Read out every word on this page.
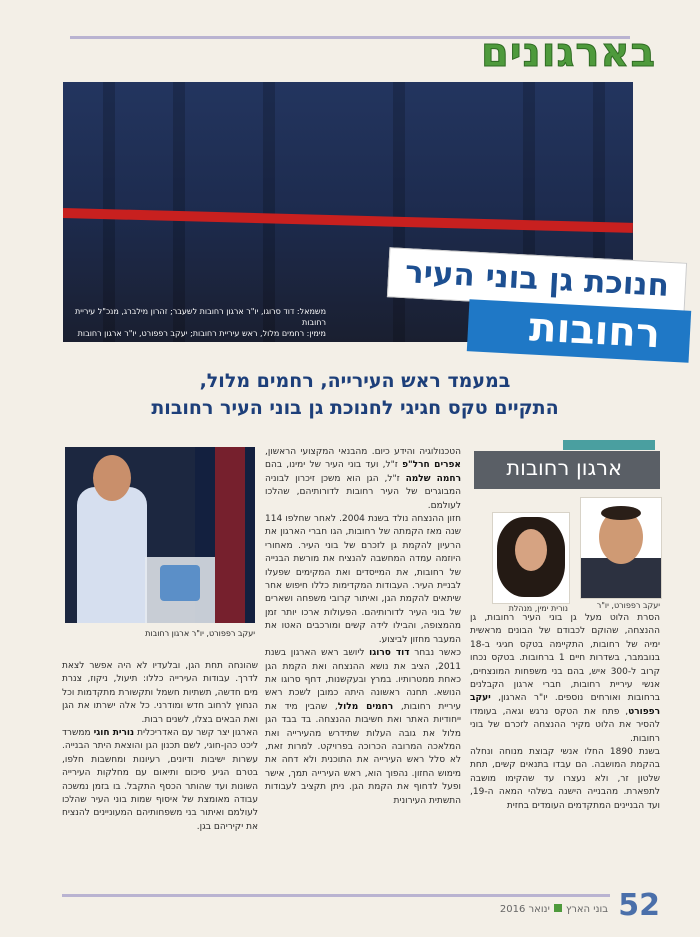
בארגונים
משמאל: דוד סרוגו, יו"ר ארגון רחובות לשעבר; זהרון מילברג, מנכ"ל עיריית רחובות
מימין: רחמים מלול, ראש עיריית רחובות; יעקב רפפורט, יו"ר ארגון רחובות
חנוכת גן בוני העיר
רחובות
במעמד ראש העירייה, רחמים מלול,
התקיים טקס חגיגי לחנוכת גן בוני העיר רחובות
ארגון רחובות
יעקב רפפורט, יו"ר
נורית ימין, מנהלת
יעקב רפפורט, יו"ר ארגון רחובות
הסרת הלוט מעל גן בוני העיר רחובות, גן ההנצחה, שהוקם לכבודם של הבונים מראשית ימיה של רחובות, התקיימה בטקס חגיגי ב-18 בנובמבר, בשדרות חיים 1 ברחובות. בטקס נכחו קרוב ל-300 איש, בהם בני משפחות המונצחים, אנשי עיריית רחובות, חברי ארגון הקבלנים ברחובות ואורחים נוספים. יו"ר הארגון, יעקב רפפורט, פתח את הטקס נרגש וגאה, בעומדו להסיר את הלוט מקיר ההנצחה לזכרם של בוני רחובות.
בשנת 1890 החלו אנשי קבוצת מנוחה ונחלה בהקמת המושבה. הם עבדו בתנאים קשים, תחת שלטון זר, ולא נעצרו עד שהקימו מושבה לתפארת. מהבנייה הישנה בשלהי המאה ה-19, ועד הבניינים המתקדמים העומדים בחזית
הטכנולוגיה והידע כיום. מהבנאי המקצועי הראשון, אפרים חרל"פ ז"ל, ועד בוני העיר של ימינו, בהם רחמה שלמה ז"ל, הגן הוא משכן זיכרון לבוניה המבוגרים של העיר רחובות לדורותיהם, שהלכו לעולמם.
חזון ההנצחה נולד בשנת 2004. לאחר שחלפו 114 שנה מאז הקמתה של רחובות, הגו חברי הארגון את הרעיון להקמת גן לזכרם של בוני העיר. מאחורי היוזמה עמדה המחשבה להנציח את מורשת הבנייה של רחובות, את המייסדים ואת המקימים שפעלו לבניית העיר. העבודות המקדימות כללו חיפוש אחר שיתאים להקמת הגן, ואיתור קרובי משפחה ושארים של בוני העיר לדורותיהם. הפעולות ארכו יותר זמן מהמצופה, והבילו לידה קשים ומורכבים האטו את המעבר מחזון לביצוע.
כאשר נבחר דוד סרוגו ליושב ראש הארגון בשנת 2011, הציב את נושא ההנצחה ואת הקמת הגן כאחת ממטרותיו. במרץ ובעקשנות, דחף סרוגו את הנושא. תחנה ראשונה היתה כמובן לשכת ראש עיריית רחובות, רחמים מלול, שהבין מיד את ייחודיות האתר ואת חשיבות ההנצחה. בד בבד הגן מלול את גובה העלות שתידרש מהעירייה ואת המלאכה המרובה הכרוכה בפרויקט. למרות זאת, לא סלל ראש העירייה את התוכנית ולא דחה את מימוש החזון. נהפוך הוא, ראש העירייה תמך, אישר ופעל לדחוף את הקמת הגן. ניתן תקציב לעבודות התשתית העירונית
שהונחה תחת הגן, ובלעדיו לא היה אפשר לצאת לדרך. עבודות העירייה כללו: תיעול, ניקוז, צנרת מים חדשה, תשתיות חשמל ותקשורת מתקדמות וכל הנחוץ לרחוב חדש ומודרני. כל אלה ישרתו את הגן ואת הבאים בצלו, לשנים רבות.
הארגון יצר קשר עם האדריכלית נורית חוגי ממשרד ליכט כהן-חוגי, לשם תכנון הגן והוצאת היתר הבנייה. עשרות ישיבות ודיונים, רעיונות ומחשבות חלפו, בטרם הגיע סיכום ותיאום עם מחלקות העירייה השונות ועד שהותר הכסף התקבל. בו בזמן נמשכה עבודה מאומצת של איסוף שמות בוני העיר שהלכו לעולמם ואיתור בני משפחותיהם המעוניינים להנציח את יקיריהם בגן.
52
בוני הארץינואר 2016
